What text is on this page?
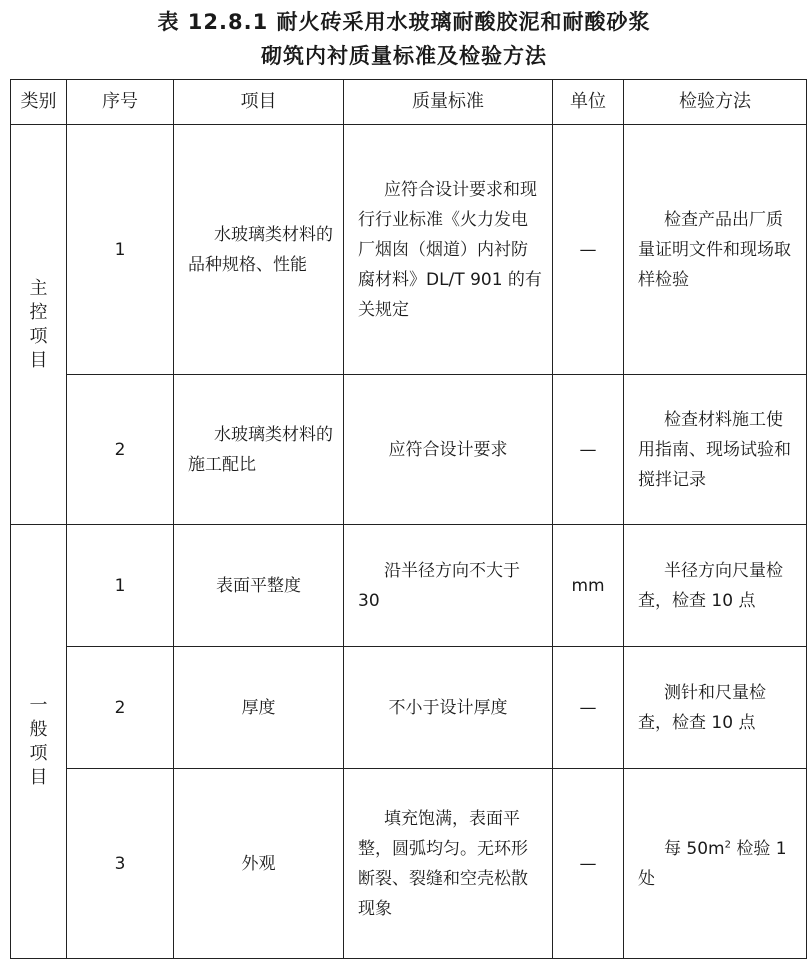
表 12.8.1 耐火砖采用水玻璃耐酸胶泥和耐酸砂浆
砌筑内衬质量标准及检验方法
类别	序号	项目	质量标准	单位	检验方法
主控项目	1	水玻璃类材料的品种规格、性能	应符合设计要求和现行行业标准《火力发电厂烟囱（烟道）内衬防腐材料》DL/T 901 的有关规定	—	检查产品出厂质量证明文件和现场取样检验
	2	水玻璃类材料的施工配比	应符合设计要求	—	检查材料施工使用指南、现场试验和搅拌记录
一般项目	1	表面平整度	沿半径方向不大于 30	mm	半径方向尺量检查，检查 10 点
	2	厚度	不小于设计厚度	—	测针和尺量检查，检查 10 点
	3	外观	填充饱满，表面平整，圆弧均匀。无环形断裂、裂缝和空壳松散现象	—	每 $50m^2$ 检验 1 处
